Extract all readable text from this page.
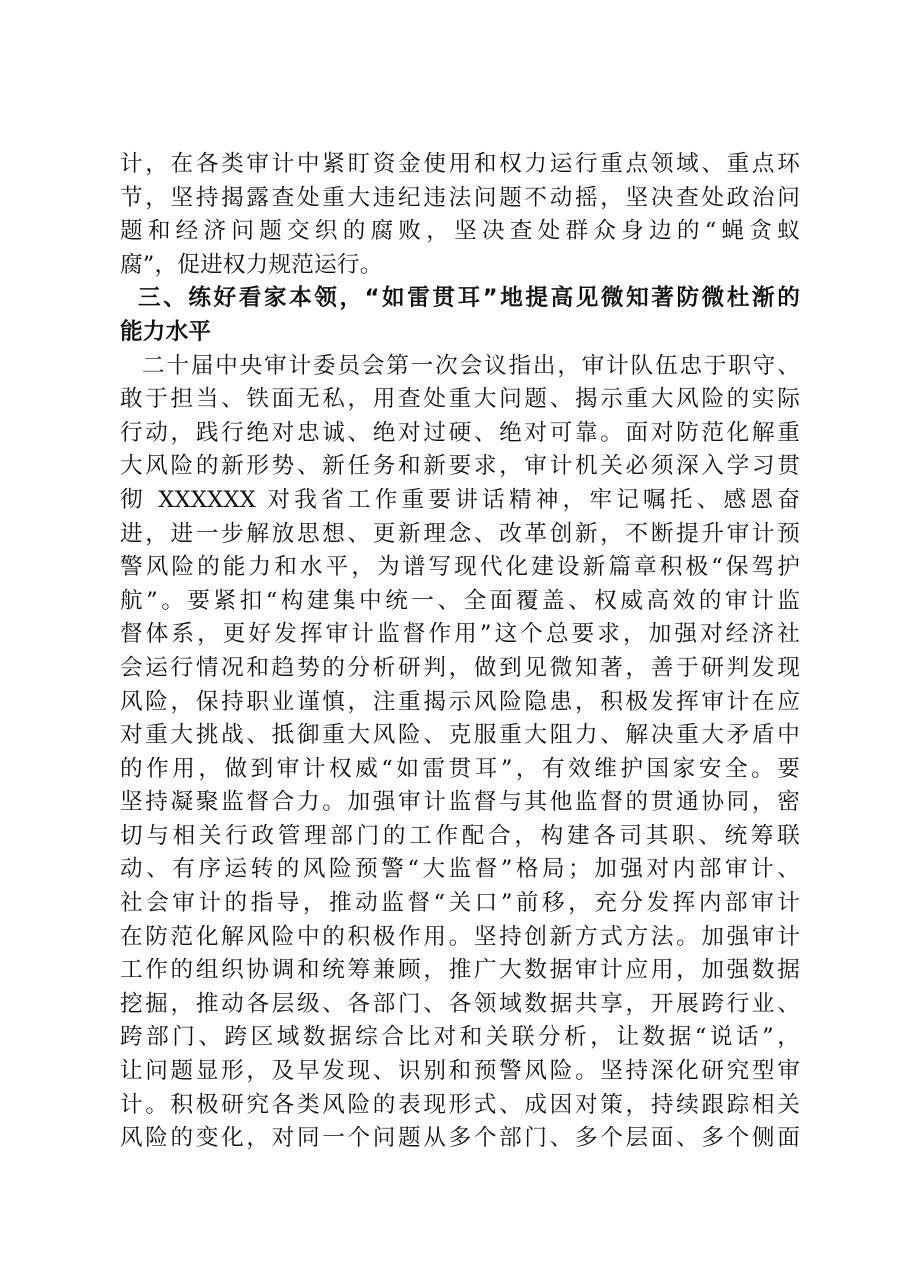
计，在各类审计中紧盯资金使用和权力运行重点领域、重点环
节，坚持揭露查处重大违纪违法问题不动摇，坚决查处政治问
题和经济问题交织的腐败，坚决查处群众身边的“蝇贪蚁
腐”，促进权力规范运行。
三、练好看家本领，“如雷贯耳”地提高见微知著防微杜渐的
能力水平
二十届中央审计委员会第一次会议指出，审计队伍忠于职守、
敢于担当、铁面无私，用查处重大问题、揭示重大风险的实际
行动，践行绝对忠诚、绝对过硬、绝对可靠。面对防范化解重
大风险的新形势、新任务和新要求，审计机关必须深入学习贯
彻 XXXXXX 对我省工作重要讲话精神，牢记嘱托、感恩奋
进，进一步解放思想、更新理念、改革创新，不断提升审计预
警风险的能力和水平，为谱写现代化建设新篇章积极“保驾护
航”。要紧扣“构建集中统一、全面覆盖、权威高效的审计监
督体系，更好发挥审计监督作用”这个总要求，加强对经济社
会运行情况和趋势的分析研判，做到见微知著，善于研判发现
风险，保持职业谨慎，注重揭示风险隐患，积极发挥审计在应
对重大挑战、抵御重大风险、克服重大阻力、解决重大矛盾中
的作用，做到审计权威“如雷贯耳”，有效维护国家安全。要
坚持凝聚监督合力。加强审计监督与其他监督的贯通协同，密
切与相关行政管理部门的工作配合，构建各司其职、统筹联
动、有序运转的风险预警“大监督”格局；加强对内部审计、
社会审计的指导，推动监督“关口”前移，充分发挥内部审计
在防范化解风险中的积极作用。坚持创新方式方法。加强审计
工作的组织协调和统筹兼顾，推广大数据审计应用，加强数据
挖掘，推动各层级、各部门、各领域数据共享，开展跨行业、
跨部门、跨区域数据综合比对和关联分析，让数据“说话”，
让问题显形，及早发现、识别和预警风险。坚持深化研究型审
计。积极研究各类风险的表现形式、成因对策，持续跟踪相关
风险的变化，对同一个问题从多个部门、多个层面、多个侧面
